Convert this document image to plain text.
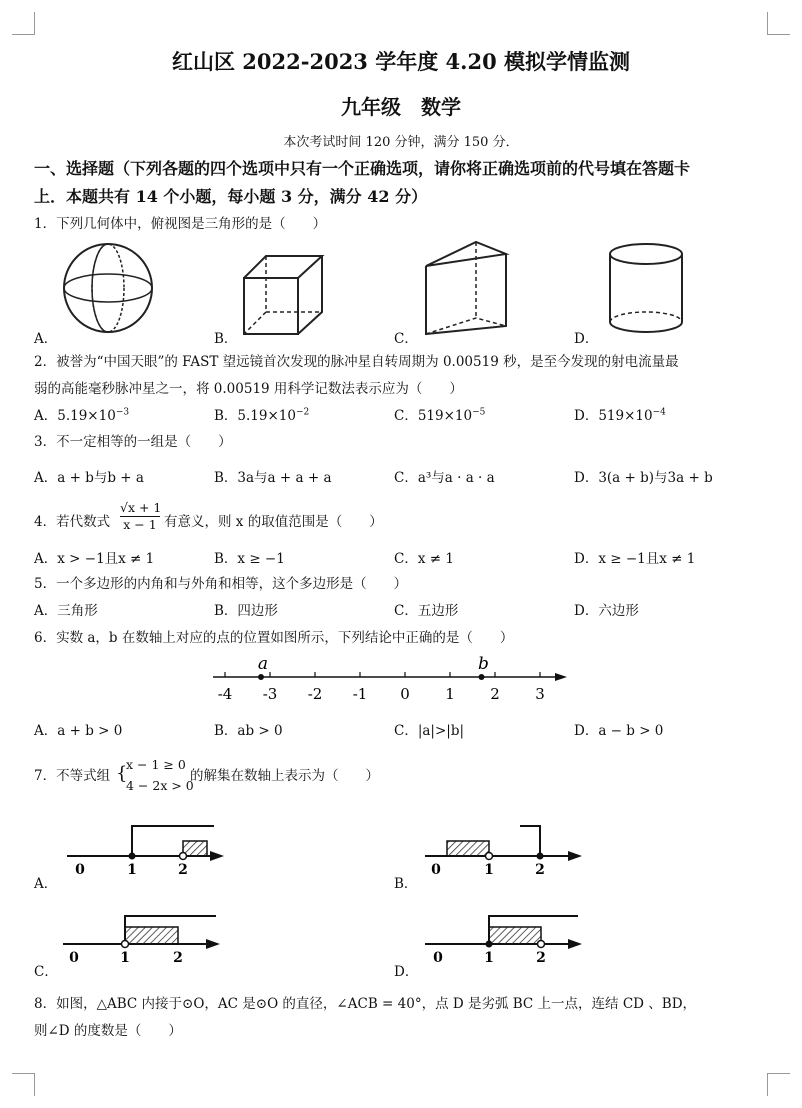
红山区 2022-2023 学年度 4.20 模拟学情监测
九年级　数学
本次考试时间 120 分钟，满分 150 分．
一、选择题（下列各题的四个选项中只有一个正确选项，请你将正确选项前的代号填在答题卡
上．本题共有 14 个小题，每小题 3 分，满分 42 分）
1．下列几何体中，俯视图是三角形的是（　　）
A．	B．	C．	D．
2．被誉为“中国天眼”的 FAST 望远镜首次发现的脉冲星自转周期为 0.00519 秒，是至今发现的射电流量最
弱的高能毫秒脉冲星之一，将 0.00519 用科学记数法表示应为（　　）
A．$5.19\times 10^{-3}$	B．$5.19\times 10^{-2}$	C．$519\times 10^{-5}$	D．$519\times 10^{-4}$
3．不一定相等的一组是（　　）
A．a + b与b + a	B．3a与a + a + a	C．a³与a · a · a	D．3(a + b)与3a + b
4．若代数式 $\frac{√x + 1}{x - 1}$ 有意义，则 x 的取值范围是（　　）
A．x > −1且x ≠ 1	B．x ≥ −1	C．x ≠ 1	D．x ≥ −1且x ≠ 1
5．一个多边形的内角和与外角和相等，这个多边形是（　　）
A．三角形	B．四边形	C．五边形	D．六边形
6．实数 a，b 在数轴上对应的点的位置如图所示，下列结论中正确的是（　　）
-4 -3 -2 -1 0 1 2 3
a	b
A．a + b > 0	B．ab > 0	C．|a|>|b|	D．a − b > 0
7．不等式组 {
x − 1 ≥ 0
4 − 2x > 0
的解集在数轴上表示为（　　）
0	1	2
A．
0	1	2
B．
0	1	2
C．
0	1	2
D．
8．如图，△ABC 内接于⊙O，AC 是⊙O 的直径，∠ACB = 40°，点 D 是劣弧 BC 上一点，连结 CD 、BD，
则∠D 的度数是（　　）
